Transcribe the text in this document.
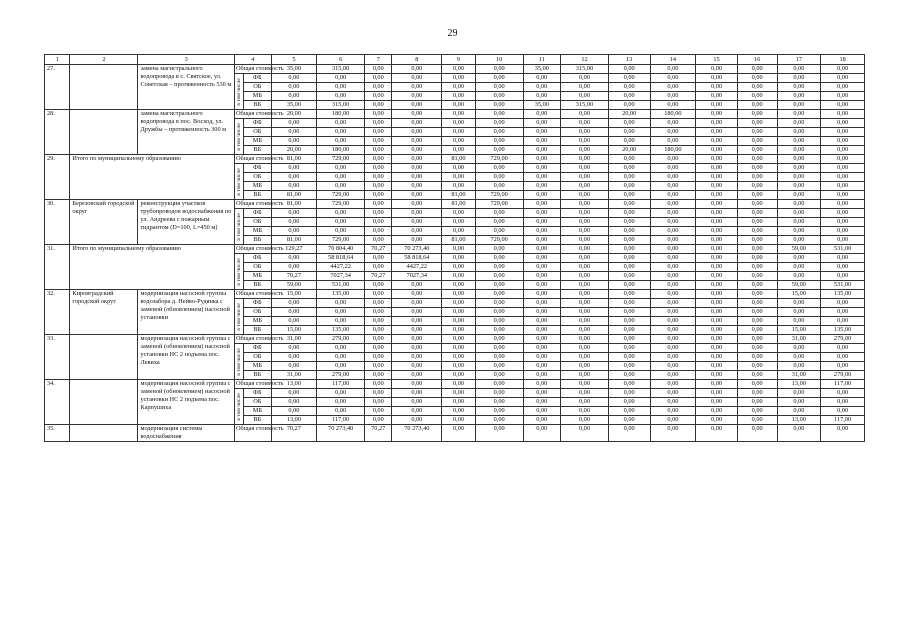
29
1	2	3	4		5	6	7	8	9	10	11	12	13	14	15	16	17	18
27.		замена магистрального водопровода в с. Святское, ул. Советская – протяженность 530 м	Общая стоимость		35,00	315,00	0,00	0,00	0,00	0,00	35,00	315,00	0,00	0,00	0,00	0,00	0,00	0,00

			в том числе	ФБ	0,00	0,00	0,00	0,00	0,00	0,00	0,00	0,00	0,00	0,00	0,00	0,00	0,00	0,00
				ОБ	0,00	0,00	0,00	0,00	0,00	0,00	0,00	0,00	0,00	0,00	0,00	0,00	0,00	0,00
				МБ	0,00	0,00	0,00	0,00	0,00	0,00	0,00	0,00	0,00	0,00	0,00	0,00	0,00	0,00
				ВБ	35,00	315,00	0,00	0,00	0,00	0,00	35,00	315,00	0,00	0,00	0,00	0,00	0,00	0,00
28.		замена магистрального водопровода в пос. Восход, ул. Дружбы – протяженность 300 м	Общая стоимость		20,00	180,00	0,00	0,00	0,00	0,00	0,00	0,00	20,00	180,00	0,00	0,00	0,00	0,00

			в том числе	ФБ	0,00	0,00	0,00	0,00	0,00	0,00	0,00	0,00	0,00	0,00	0,00	0,00	0,00	0,00
				ОБ	0,00	0,00	0,00	0,00	0,00	0,00	0,00	0,00	0,00	0,00	0,00	0,00	0,00	0,00
				МБ	0,00	0,00	0,00	0,00	0,00	0,00	0,00	0,00	0,00	0,00	0,00	0,00	0,00	0,00
				ВБ	20,00	180,00	0,00	0,00	0,00	0,00	0,00	0,00	20,00	180,00	0,00	0,00	0,00	0,00
29.	Итого по муниципальному образованию		Общая стоимость		81,00	729,00	0,00	0,00	81,00	729,00	0,00	0,00	0,00	0,00	0,00	0,00	0,00	0,00

			в том числе	ФБ	0,00	0,00	0,00	0,00	0,00	0,00	0,00	0,00	0,00	0,00	0,00	0,00	0,00	0,00
				ОБ	0,00	0,00	0,00	0,00	0,00	0,00	0,00	0,00	0,00	0,00	0,00	0,00	0,00	0,00
				МБ	0,00	0,00	0,00	0,00	0,00	0,00	0,00	0,00	0,00	0,00	0,00	0,00	0,00	0,00
				ВБ	81,00	729,00	0,00	0,00	81,00	729,00	0,00	0,00	0,00	0,00	0,00	0,00	0,00	0,00
30.	Березовский городской округ	реконструкция участков трубопроводов водоснабжения по ул. Андреева с пожарным гидрантом (D=100, L=450 м)	Общая стоимость		81,00	729,00	0,00	0,00	81,00	729,00	0,00	0,00	0,00	0,00	0,00	0,00	0,00	0,00

			в том числе	ФБ	0,00	0,00	0,00	0,00	0,00	0,00	0,00	0,00	0,00	0,00	0,00	0,00	0,00	0,00
				ОБ	0,00	0,00	0,00	0,00	0,00	0,00	0,00	0,00	0,00	0,00	0,00	0,00	0,00	0,00
				МБ	0,00	0,00	0,00	0,00	0,00	0,00	0,00	0,00	0,00	0,00	0,00	0,00	0,00	0,00
				ВБ	81,00	729,00	0,00	0,00	81,00	729,00	0,00	0,00	0,00	0,00	0,00	0,00	0,00	0,00
31.	Итого по муниципальному образованию		Общая стоимость		129,27	70 804,40	70,27	70 273,40	0,00	0,00	0,00	0,00	0,00	0,00	0,00	0,00	59,00	531,00

			в том числе	ФБ	0,00	58 818,64	0,00	58 818,64	0,00	0,00	0,00	0,00	0,00	0,00	0,00	0,00	0,00	0,00
				ОБ	0,00	4427,22	0,00	4427,22	0,00	0,00	0,00	0,00	0,00	0,00	0,00	0,00	0,00	0,00
				МБ	70,27	7027,34	70,27	7027,34	0,00	0,00	0,00	0,00	0,00	0,00	0,00	0,00	0,00	0,00
				ВБ	59,00	531,00	0,00	0,00	0,00	0,00	0,00	0,00	0,00	0,00	0,00	0,00	59,00	531,00
32.	Кировградский городской округ	модернизация насосной группы водозабора д. Нейво-Рудянка с заменой (обновлением) насосной установки	Общая стоимость		15,00	135,00	0,00	0,00	0,00	0,00	0,00	0,00	0,00	0,00	0,00	0,00	15,00	135,00

			в том числе	ФБ	0,00	0,00	0,00	0,00	0,00	0,00	0,00	0,00	0,00	0,00	0,00	0,00	0,00	0,00
				ОБ	0,00	0,00	0,00	0,00	0,00	0,00	0,00	0,00	0,00	0,00	0,00	0,00	0,00	0,00
				МБ	0,00	0,00	0,00	0,00	0,00	0,00	0,00	0,00	0,00	0,00	0,00	0,00	0,00	0,00
				ВБ	15,00	135,00	0,00	0,00	0,00	0,00	0,00	0,00	0,00	0,00	0,00	0,00	15,00	135,00
33.		модернизация насосной группы с заменой (обновлением) насосной установки НС 2 подъема пос. Левиха	Общая стоимость		31,00	279,00	0,00	0,00	0,00	0,00	0,00	0,00	0,00	0,00	0,00	0,00	31,00	279,00

			в том числе	ФБ	0,00	0,00	0,00	0,00	0,00	0,00	0,00	0,00	0,00	0,00	0,00	0,00	0,00	0,00
				ОБ	0,00	0,00	0,00	0,00	0,00	0,00	0,00	0,00	0,00	0,00	0,00	0,00	0,00	0,00
				МБ	0,00	0,00	0,00	0,00	0,00	0,00	0,00	0,00	0,00	0,00	0,00	0,00	0,00	0,00
				ВБ	31,00	279,00	0,00	0,00	0,00	0,00	0,00	0,00	0,00	0,00	0,00	0,00	31,00	279,00
34.		модернизация насосной группы с заменой (обновлением) насосной установки НС 2 подъема пос. Карпушиха	Общая стоимость		13,00	117,00	0,00	0,00	0,00	0,00	0,00	0,00	0,00	0,00	0,00	0,00	13,00	117,00

			в том числе	ФБ	0,00	0,00	0,00	0,00	0,00	0,00	0,00	0,00	0,00	0,00	0,00	0,00	0,00	0,00
				ОБ	0,00	0,00	0,00	0,00	0,00	0,00	0,00	0,00	0,00	0,00	0,00	0,00	0,00	0,00
				МБ	0,00	0,00	0,00	0,00	0,00	0,00	0,00	0,00	0,00	0,00	0,00	0,00	0,00	0,00
				ВБ	13,00	117,00	0,00	0,00	0,00	0,00	0,00	0,00	0,00	0,00	0,00	0,00	13,00	117,00
35.		модернизация системы водоснабжения	Общая стоимость		70,27	70 273,40	70,27	70 273,40	0,00	0,00	0,00	0,00	0,00	0,00	0,00	0,00	0,00	0,00
